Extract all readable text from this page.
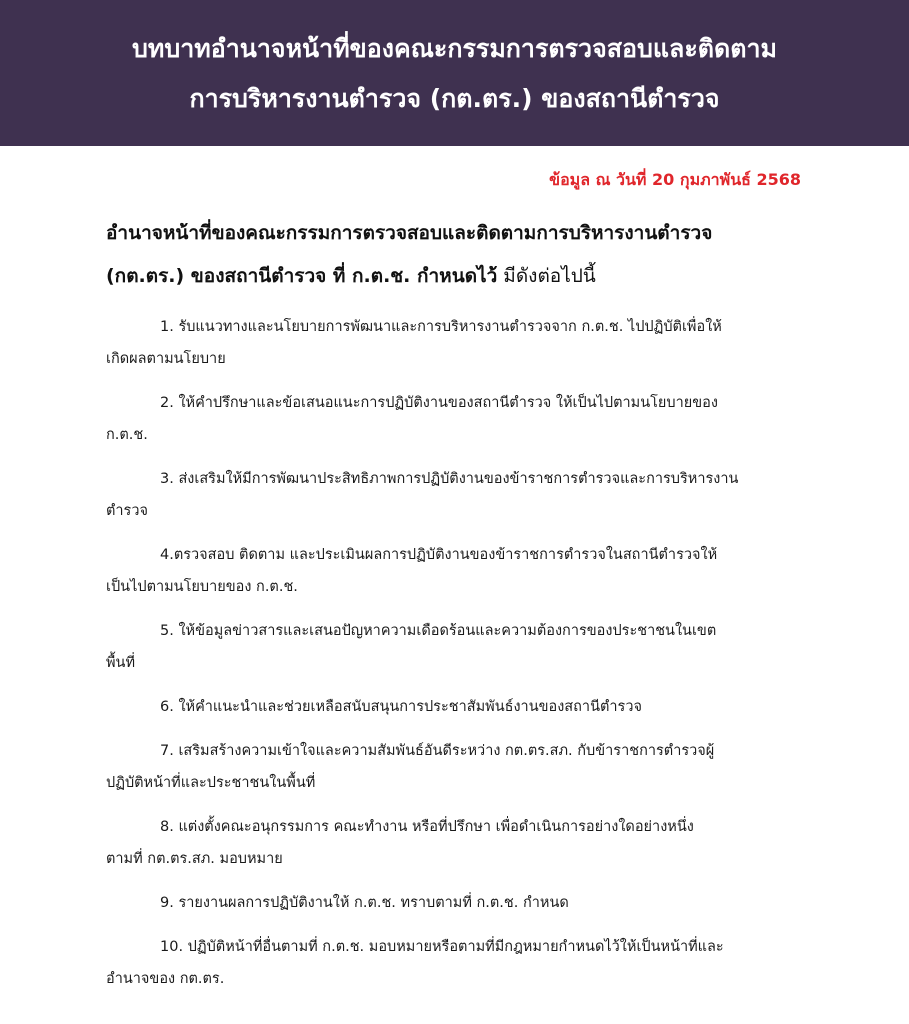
บทบาทอำนาจหน้าที่ของคณะกรรมการตรวจสอบและติดตาม
การบริหารงานตำรวจ (กต.ตร.) ของสถานีตำรวจ
ข้อมูล ณ วันที่ 20 กุมภาพันธ์ 2568
อำนาจหน้าที่ของคณะกรรมการตรวจสอบและติดตามการบริหารงานตำรวจ
(กต.ตร.) ของสถานีตำรวจ ที่ ก.ต.ช. กำหนดไว้ มีดังต่อไปนี้
1. รับแนวทางและนโยบายการพัฒนาและการบริหารงานตำรวจจาก ก.ต.ช. ไปปฏิบัติเพื่อให้
เกิดผลตามนโยบาย
2. ให้คำปรึกษาและข้อเสนอแนะการปฏิบัติงานของสถานีตำรวจ ให้เป็นไปตามนโยบายของ
ก.ต.ช.
3. ส่งเสริมให้มีการพัฒนาประสิทธิภาพการปฏิบัติงานของข้าราชการตำรวจและการบริหารงาน
ตำรวจ
4.ตรวจสอบ ติดตาม และประเมินผลการปฏิบัติงานของข้าราชการตำรวจในสถานีตำรวจให้
เป็นไปตามนโยบายของ ก.ต.ช.
5. ให้ข้อมูลข่าวสารและเสนอปัญหาความเดือดร้อนและความต้องการของประชาชนในเขต
พื้นที่
6. ให้คำแนะนำและช่วยเหลือสนับสนุนการประชาสัมพันธ์งานของสถานีตำรวจ
7. เสริมสร้างความเข้าใจและความสัมพันธ์อันดีระหว่าง กต.ตร.สภ. กับข้าราชการตำรวจผู้
ปฏิบัติหน้าที่และประชาชนในพื้นที่
8. แต่งตั้งคณะอนุกรรมการ คณะทำงาน หรือที่ปรึกษา เพื่อดำเนินการอย่างใดอย่างหนึ่ง
ตามที่ กต.ตร.สภ. มอบหมาย
9. รายงานผลการปฏิบัติงานให้ ก.ต.ช. ทราบตามที่ ก.ต.ช. กำหนด
10. ปฏิบัติหน้าที่อื่นตามที่ ก.ต.ช. มอบหมายหรือตามที่มีกฎหมายกำหนดไว้ให้เป็นหน้าที่และ
อำนาจของ กต.ตร.
